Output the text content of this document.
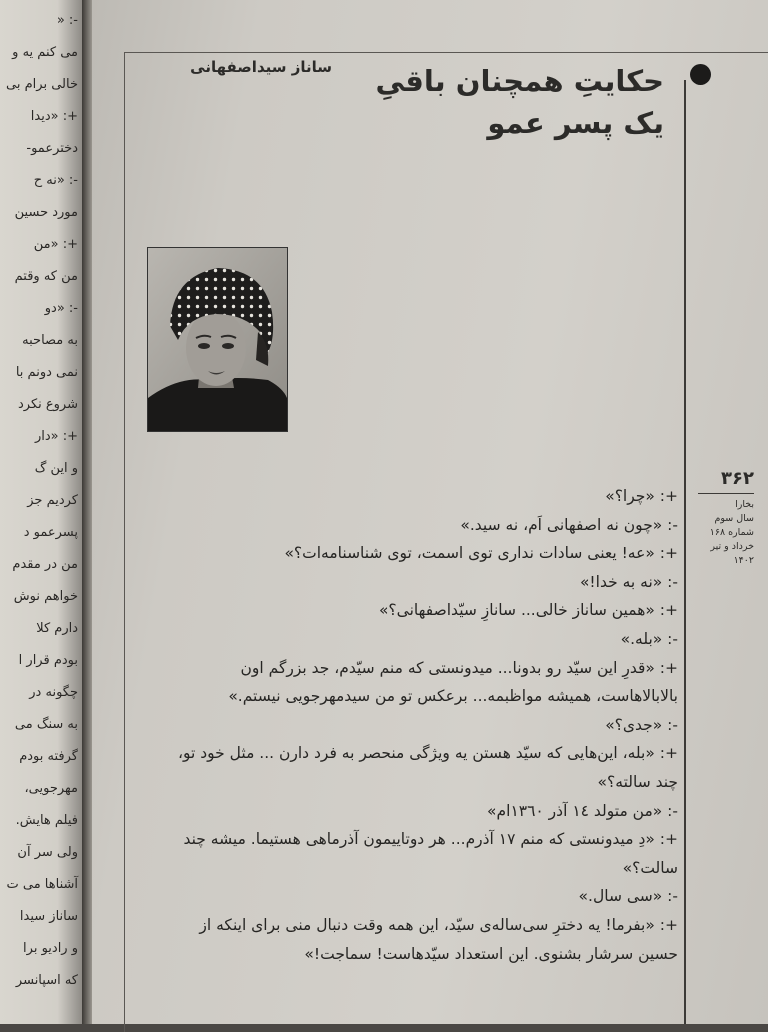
-: «
می کنم یه و
خالی برام بی
+: «دیدا
دخترعمو-
-: «نه ح
مورد حسین
+: «من
من که وقتم
-: «دو
به مصاحبه
نمی دونم با
شروع نکرد
+: «دار
و این گ
کردیم جز
پسرعمو د
من در مقدم
خواهم نوش
دارم کلا
بودم قرار ا
چگونه در
به سنگ می
گرفته بودم
مهرجویی،
فیلم هایش.
ولی سر آن
آشناها می ت
ساناز سیدا
و رادیو برا
که اسپانسر
حکایتِ همچنان باقیِ
یک پسر عمو
ساناز سیداصفهانی
۳۶۲
بخارا
سال سوم
شماره ۱۶۸
خرداد و تیر
۱۴۰۲
+: «چرا؟»
-: «چون نه اصفهانی اَم، نه سید.»
+: «عه! یعنی سادات نداری توی اسمت، توی شناسنامه‌ات؟»
-: «نه به خدا!»
+: «همین ساناز خالی... سانازِ سیّداصفهانی؟»
-: «بله.»
+: «قدرِ این سیّد رو بدونا... میدونستی که منم سیّدم، جد بزرگم اون بالابالاهاست، همیشه مواظبمه... برعکس تو من سیدمهرجویی نیستم.»
-: «جدی؟»
+: «بله، این‌هایی که سیّد هستن یه ویژگی منحصر به فرد دارن ... مثل خود تو، چند سالته؟»
-: «من متولد ١٤ آذر ١٣٦٠ام»
+: «دِ میدونستی که منم ١٧ آذرم... هر دوتاییمون آذرماهی هستیما. میشه چند سالت؟»
-: «سی سال.»
+: «بفرما! یه دخترِ سی‌ساله‌ی سیّد، این همه وقت دنبال منی برای اینکه از حسین سرشار بشنوی. این استعداد سیّدهاست! سماجت!»
